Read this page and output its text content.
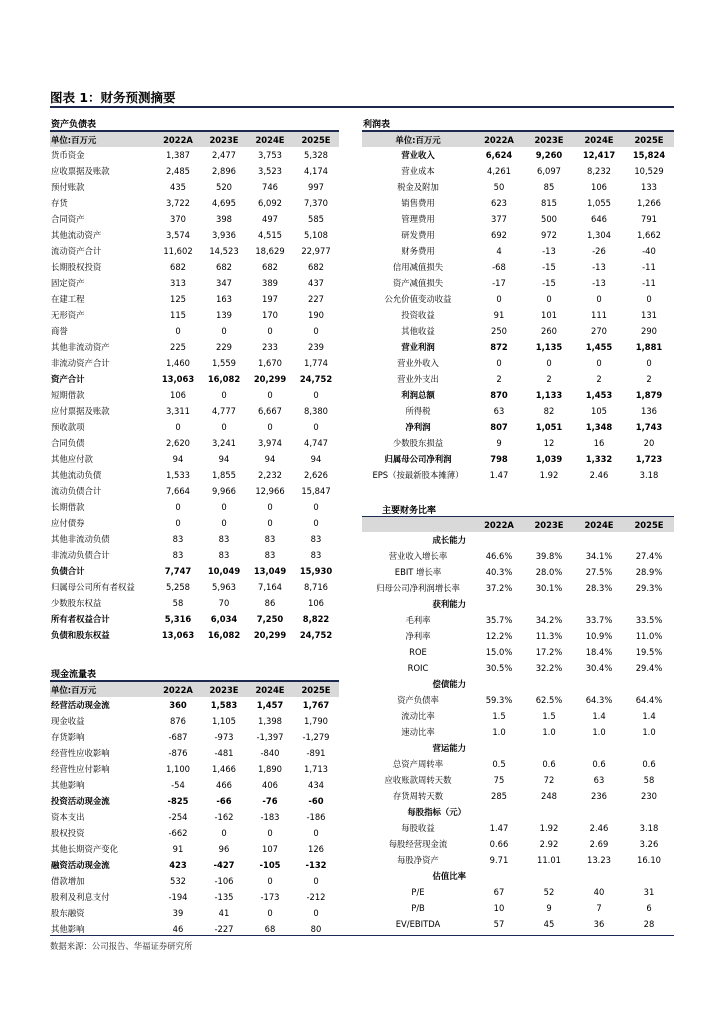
图表 1：财务预测摘要
资产负债表
单位:百万元	2022A	2023E	2024E	2025E
货币资金	1,387	2,477	3,753	5,328
应收票据及账款	2,485	2,896	3,523	4,174
预付账款	435	520	746	997
存货	3,722	4,695	6,092	7,370
合同资产	370	398	497	585
其他流动资产	3,574	3,936	4,515	5,108
流动资产合计	11,602	14,523	18,629	22,977
长期股权投资	682	682	682	682
固定资产	313	347	389	437
在建工程	125	163	197	227
无形资产	115	139	170	190
商誉	0	0	0	0
其他非流动资产	225	229	233	239
非流动资产合计	1,460	1,559	1,670	1,774
资产合计	13,063	16,082	20,299	24,752
短期借款	106	0	0	0
应付票据及账款	3,311	4,777	6,667	8,380
预收款项	0	0	0	0
合同负债	2,620	3,241	3,974	4,747
其他应付款	94	94	94	94
其他流动负债	1,533	1,855	2,232	2,626
流动负债合计	7,664	9,966	12,966	15,847
长期借款	0	0	0	0
应付债券	0	0	0	0
其他非流动负债	83	83	83	83
非流动负债合计	83	83	83	83
负债合计	7,747	10,049	13,049	15,930
归属母公司所有者权益	5,258	5,963	7,164	8,716
少数股东权益	58	70	86	106
所有者权益合计	5,316	6,034	7,250	8,822
负债和股东权益	13,063	16,082	20,299	24,752
利润表
单位:百万元	2022A	2023E	2024E	2025E
营业收入	6,624	9,260	12,417	15,824
营业成本	4,261	6,097	8,232	10,529
税金及附加	50	85	106	133
销售费用	623	815	1,055	1,266
管理费用	377	500	646	791
研发费用	692	972	1,304	1,662
财务费用	4	-13	-26	-40
信用减值损失	-68	-15	-13	-11
资产减值损失	-17	-15	-13	-11
公允价值变动收益	0	0	0	0
投资收益	91	101	111	131
其他收益	250	260	270	290
营业利润	872	1,135	1,455	1,881
营业外收入	0	0	0	0
营业外支出	2	2	2	2
利润总额	870	1,133	1,453	1,879
所得税	63	82	105	136
净利润	807	1,051	1,348	1,743
少数股东损益	9	12	16	20
归属母公司净利润	798	1,039	1,332	1,723
EPS（按最新股本摊薄）	1.47	1.92	2.46	3.18
主要财务比率
	2022A	2023E	2024E	2025E
成长能力				
营业收入增长率	46.6%	39.8%	34.1%	27.4%
EBIT 增长率	40.3%	28.0%	27.5%	28.9%
归母公司净利润增长率	37.2%	30.1%	28.3%	29.3%
获利能力				
毛利率	35.7%	34.2%	33.7%	33.5%
净利率	12.2%	11.3%	10.9%	11.0%
ROE	15.0%	17.2%	18.4%	19.5%
ROIC	30.5%	32.2%	30.4%	29.4%
偿债能力				
资产负债率	59.3%	62.5%	64.3%	64.4%
流动比率	1.5	1.5	1.4	1.4
速动比率	1.0	1.0	1.0	1.0
营运能力				
总资产周转率	0.5	0.6	0.6	0.6
应收账款周转天数	75	72	63	58
存货周转天数	285	248	236	230
每股指标（元）				
每股收益	1.47	1.92	2.46	3.18
每股经营现金流	0.66	2.92	2.69	3.26
每股净资产	9.71	11.01	13.23	16.10
估值比率				
P/E	67	52	40	31
P/B	10	9	7	6
EV/EBITDA	57	45	36	28
现金流量表
单位:百万元	2022A	2023E	2024E	2025E
经营活动现金流	360	1,583	1,457	1,767
现金收益	876	1,105	1,398	1,790
存货影响	-687	-973	-1,397	-1,279
经营性应收影响	-876	-481	-840	-891
经营性应付影响	1,100	1,466	1,890	1,713
其他影响	-54	466	406	434
投资活动现金流	-825	-66	-76	-60
资本支出	-254	-162	-183	-186
股权投资	-662	0	0	0
其他长期资产变化	91	96	107	126
融资活动现金流	423	-427	-105	-132
借款增加	532	-106	0	0
股利及利息支付	-194	-135	-173	-212
股东融资	39	41	0	0
其他影响	46	-227	68	80
数据来源：公司报告、华福证券研究所
